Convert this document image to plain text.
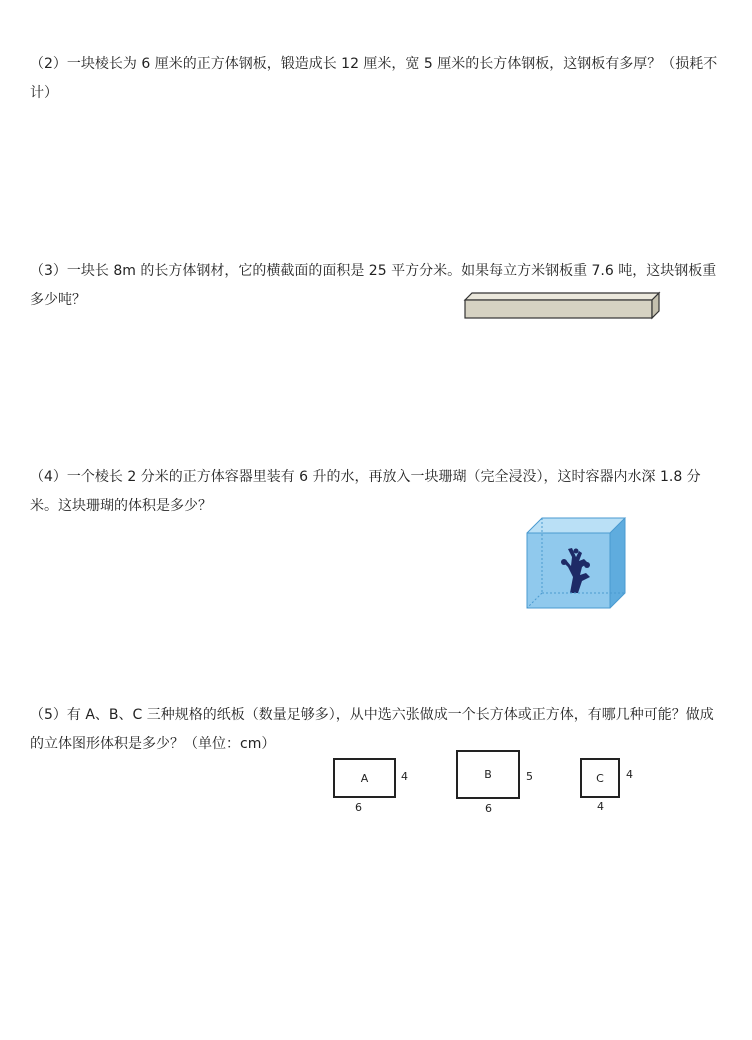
（2）一块棱长为 6 厘米的正方体钢板，锻造成长 12 厘米，宽 5 厘米的长方体钢板，这钢板有多厚？（损耗不计）

（3）一块长 8m 的长方体钢材，它的横截面的面积是 25 平方分米。如果每立方米钢板重 7.6 吨，这块钢板重多少吨？

（4）一个棱长 2 分米的正方体容器里装有 6 升的水，再放入一块珊瑚（完全浸没），这时容器内水深 1.8 分米。这块珊瑚的体积是多少？

（5）有 A、B、C 三种规格的纸板（数量足够多），从中选六张做成一个长方体或正方体，有哪几种可能？做成的立体图形体积是多少？（单位：cm）

A	4
6
B	5
6
C	4
4
